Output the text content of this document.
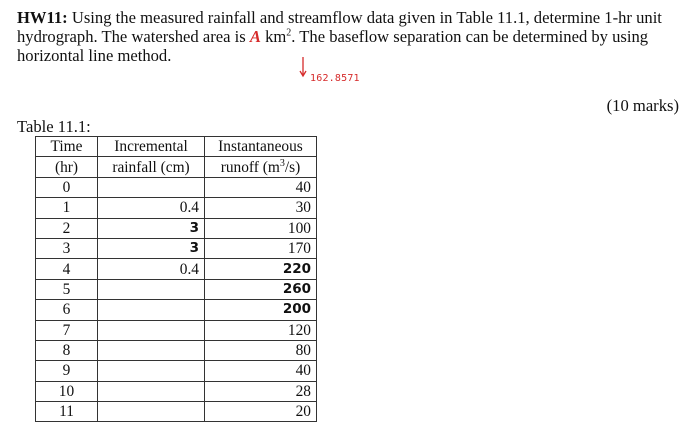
HW11: Using the measured rainfall and streamflow data given in Table 11.1, determine 1-hr unit hydrograph. The watershed area is A $km^2$. The baseflow separation can be determined by using horizontal line method.
162.8571
(10 marks)
Table 11.1:
Time	Incremental	Instantaneous
(hr)	rainfall (cm)	runoff $(m^3/s)$
0		40
1	0.4	30
2	3	100
3	3	170
4	0.4	220
5		260
6		200
7		120
8		80
9		40
10		28
11		20
